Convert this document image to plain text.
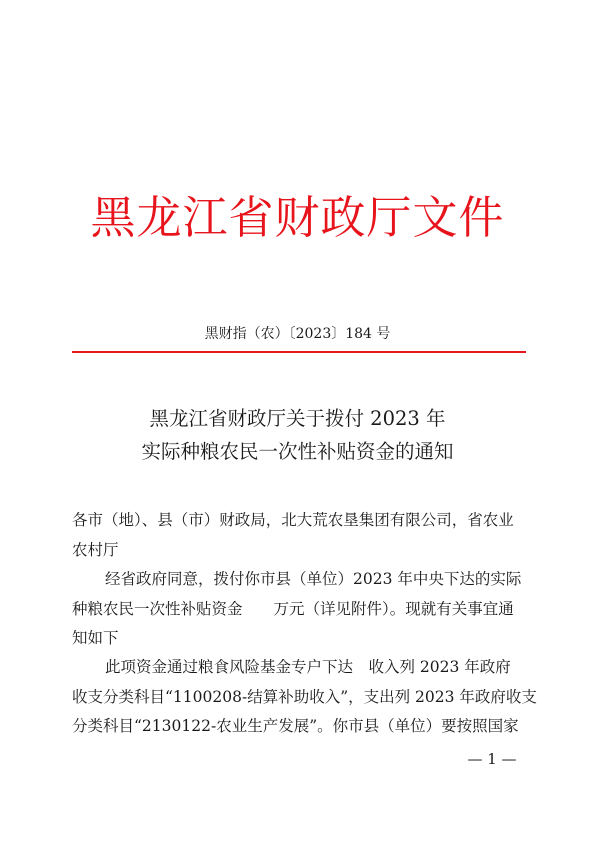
黑龙江省财政厅文件
黑财指（农）〔2023〕184 号
黑龙江省财政厅关于拨付 2023 年
实际种粮农民一次性补贴资金的通知
各市（地）、县（市）财政局，北大荒农垦集团有限公司，省农业
农村厅
经省政府同意，拨付你市县（单位）2023 年中央下达的实际
种粮农民一次性补贴资金　　万元（详见附件）。现就有关事宜通
知如下
此项资金通过粮食风险基金专户下达　收入列 2023 年政府
收支分类科目“1100208-结算补助收入”，支出列 2023 年政府收支
分类科目“2130122-农业生产发展”。你市县（单位）要按照国家
— 1 —
